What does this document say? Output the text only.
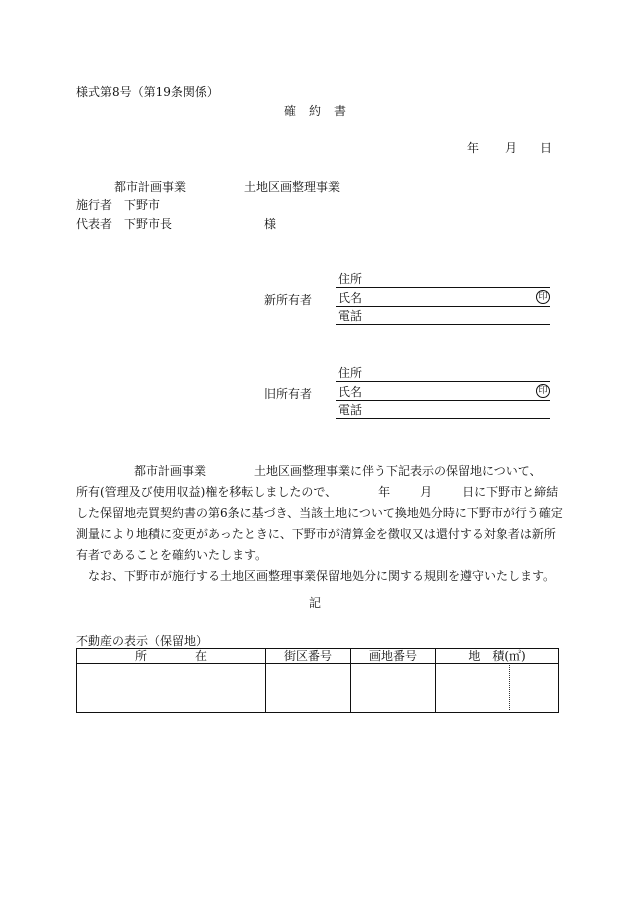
様式第8号（第19条関係）
確約書
年 月 日
都市計画事業	土地区画整理事業
施行者 下野市
代表者 下野市長	様
新所有者
住所
氏名	印
電話
旧所有者
住所
氏名	印
電話
都市計画事業	土地区画整理事業に伴う下記表示の保留地について、
所有(管理及び使用収益)権を移転しましたので、	年	月	日に下野市と締結
した保留地売買契約書の第6条に基づき、当該土地について換地処分時に下野市が行う確定
測量により地積に変更があったときに、下野市が清算金を徴収又は還付する対象者は新所
有者であることを確約いたします。
なお、下野市が施行する土地区画整理事業保留地処分に関する規則を遵守いたします。
記
不動産の表示（保留地）
所　　　　在	街区番号	画地番号	地　積(㎡)
